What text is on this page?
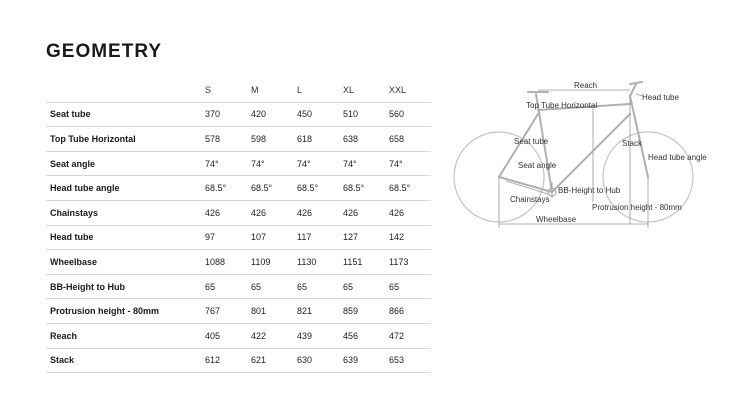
GEOMETRY
	S	M	L	XL	XXL
Seat tube	370	420	450	510	560
Top Tube Horizontal	578	598	618	638	658
Seat angle	74°	74°	74°	74°	74°
Head tube angle	68.5°	68.5°	68.5°	68.5°	68.5°
Chainstays	426	426	426	426	426
Head tube	97	107	117	127	142
Wheelbase	1088	1109	1130	1151	1173
BB-Height to Hub	65	65	65	65	65
Protrusion height - 80mm	767	801	821	859	866
Reach	405	422	439	456	472
Stack	612	621	630	639	653
Reach
Head tube
Top Tube Horizontal
Seat tube	Stack
Seat angle
Head tube angle
BB-Height to Hub
Chainstays
Protrusion height - 80mm
Wheelbase
